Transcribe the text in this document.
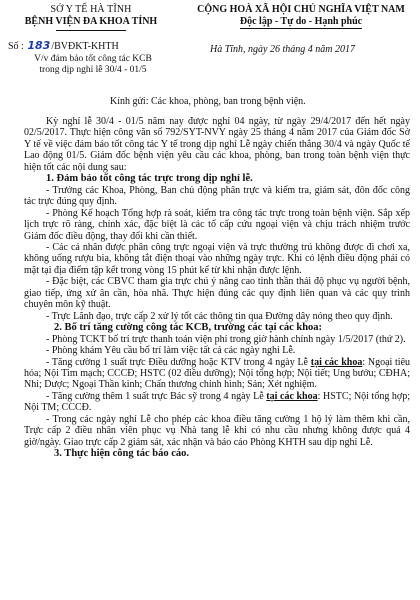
SỞ Y TẾ HÀ TĨNH
BỆNH VIỆN ĐA KHOA TỈNH
CỘNG HOÀ XÃ HỘI CHỦ NGHĨA VIỆT NAM
Độc lập - Tự do - Hạnh phúc
Số : 183/BVĐKT-KHTH
V/v đảm bảo tốt công tác KCB
trong dịp nghỉ lễ 30/4 - 01/5
Hà Tĩnh, ngày 26 tháng 4 năm 2017
Kính gửi: Các khoa, phòng, ban trong bệnh viện.

Kỳ nghỉ lễ 30/4 - 01/5 năm nay được nghỉ 04 ngày, từ ngày 29/4/2017 đến hết ngày 02/5/2017. Thực hiện công văn số 792/SYT-NVY ngày 25 tháng 4 năm 2017 của Giám đốc Sở Y tế về việc đảm bảo tốt công tác Y tế trong dịp nghỉ Lễ ngày chiến thắng 30/4 và ngày Quốc tế Lao động 01/5. Giám đốc bệnh viện yêu cầu các khoa, phòng, ban trong toàn bệnh viện thực hiện tốt các nội dung sau:

1. Đảm bảo tốt công tác trực trong dịp nghỉ lễ.

- Trưởng các Khoa, Phòng, Ban chủ động phân trực và kiểm tra, giám sát, đôn đốc công tác trực đúng quy định.

- Phòng Kế hoạch Tổng hợp rà soát, kiểm tra công tác trực trong toàn bệnh viện. Sắp xếp lịch trực rõ ràng, chính xác, đặc biệt là các tổ cấp cứu ngoại viện và chịu trách nhiệm trước Giám đốc điều động, thay đổi khi cần thiết.

- Các cá nhân được phân công trực ngoại viện và trực thường trú không được đi chơi xa, không uống rượu bia, không tắt điện thoại vào những ngày trực. Khi có lệnh điều động phải có mặt tại địa điểm tập kết trong vòng 15 phút kể từ khi nhận được lệnh.

- Đặc biệt, các CBVC tham gia trực chú ý nâng cao tinh thần thái độ phục vụ người bệnh, giao tiếp, ứng xử ân cần, hòa nhã. Thực hiện đúng các quy định liên quan và các quy trình chuyên môn kỹ thuật.

- Trực Lãnh đạo, trực cấp 2 xử lý tốt các thông tin qua Đường dây nóng theo quy định.

2. Bố trí tăng cường công tác KCB, trường các tại các khoa:

- Phòng TCKT bố trí trực thanh toán viện phí trong giờ hành chính ngày 1/5/2017 (thứ 2).

- Phòng khám Yêu cầu bố trí làm việc tất cả các ngày nghỉ Lễ.

- Tăng cường 1 suất trực Điều dưỡng hoặc KTV trong 4 ngày Lễ tại các khoa: Ngoại tiêu hóa; Nội Tim mạch; CCCĐ; HSTC (02 điều dưỡng); Nội tổng hợp; Nội tiết; Ung bướu; CĐHA; Nhi; Dược; Ngoại Thần kinh; Chấn thương chỉnh hình; Sản; Xét nghiệm.

- Tăng cường thêm 1 suất trực Bác sỹ trong 4 ngày Lễ tại các khoa: HSTC; Nội tổng hợp; Nội TM; CCCĐ.

- Trong các ngày nghỉ Lễ cho phép các khoa điều tăng cường 1 hộ lý làm thêm khi cần, Trực cấp 2 điều nhân viên phục vụ Nhà tang lễ khi có nhu cầu nhưng không được quá 4 giờ/ngày. Giao trực cấp 2 giám sát, xác nhận và báo cáo Phòng KHTH sau dịp nghỉ Lễ.

3. Thực hiện công tác báo cáo.
